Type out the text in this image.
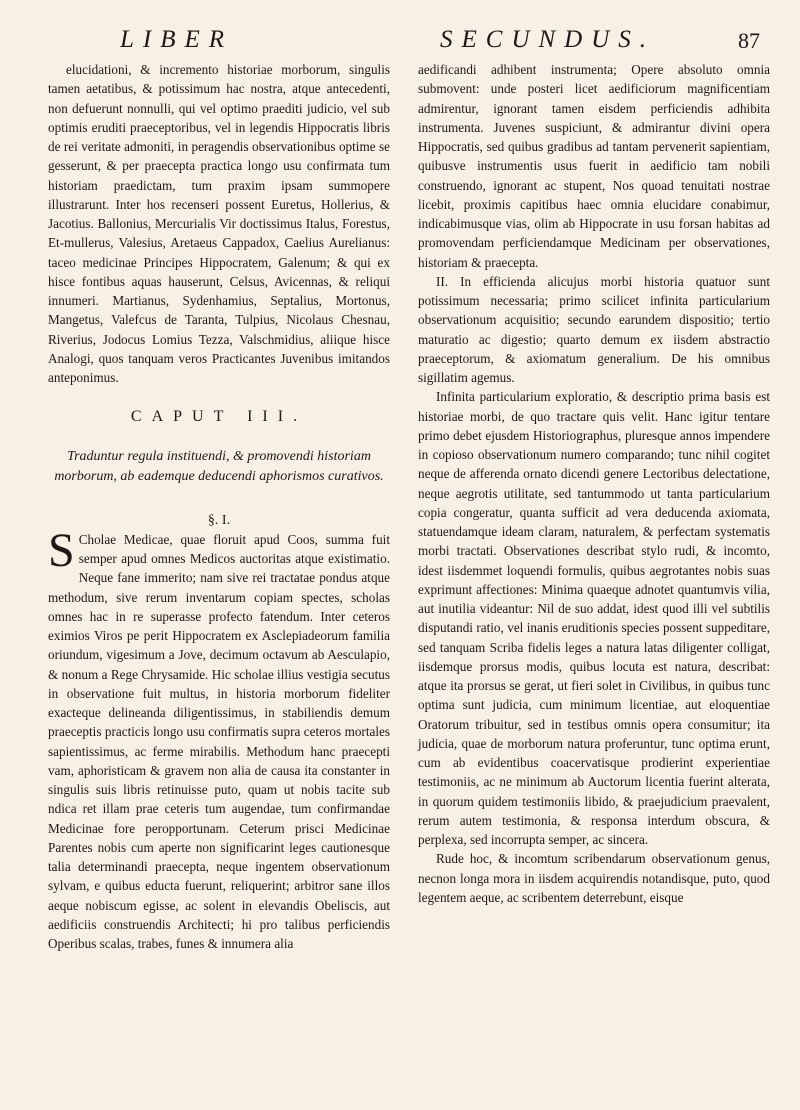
LIBER	SECUNDUS.	87

elucidationi, & incremento historiae morborum, singulis tamen aetatibus, & potissimum hac nostra, atque antecedenti, non defuerunt nonnulli, qui vel optimo praediti judicio, vel sub optimis eruditi praeceptoribus, vel in legendis Hippocratis libris de rei veritate admoniti, in peragendis observationibus optime se gesserunt, & per praecepta practica longo usu confirmata tum historiam praedictam, tum praxim ipsam summopere illustrarunt. Inter hos recenseri possent Euretus, Hollerius, & Jacotius. Ballonius, Mercurialis Vir doctissimus Italus, Forestus, Et-mullerus, Valesius, Aretaeus Cappadox, Caelius Aurelianus: taceo medicinae Principes Hippocratem, Galenum; & qui ex hisce fontibus aquas hauserunt, Celsus, Avicennas, & reliqui innumeri. Martianus, Sydenhamius, Septalius, Mortonus, Mangetus, Valefcus de Taranta, Tulpius, Nicolaus Chesnau, Riverius, Jodocus Lomius Tezza, Valschmidius, aliique hisce Analogi, quos tanquam veros Practicantes Juvenibus imitandos anteponimus.

CAPUT III.
Traduntur regula instituendi, & promovendi historiam morborum, ab eademque deducendi aphorismos curativos.
§. I.

S Cholae Medicae, quae floruit apud Coos, summa fuit semper apud omnes Medicos auctoritas atque existimatio. Neque fane immerito; nam sive rei tractatae pondus atque methodum, sive rerum inventarum copiam spectes, scholas omnes hac in re superasse profecto fatendum. Inter ceteros eximios Viros pe perit Hippocratem ex Asclepiadeorum familia oriundum, vigesimum a Jove, decimum octavum ab Aesculapio, & nonum a Rege Chrysamide. Hic scholae illius vestigia secutus in observatione fuit multus, in historia morborum fideliter exacteque delineanda diligentissimus, in stabiliendis demum praeceptis practicis longo usu confirmatis supra ceteros mortales sapientissimus, ac ferme mirabilis. Methodum hanc praecepti vam, aphoristicam & gravem non alia de causa ita constanter in singulis suis libris retinuisse puto, quam ut nobis tacite sub ndica ret illam prae ceteris tum augendae, tum confirmandae Medicinae fore peropportunam. Ceterum prisci Medicinae Parentes nobis cum aperte non significarint leges cautionesque talia determinandi praecepta, neque ingentem observationum sylvam, e quibus educta fuerunt, reliquerint; arbitror sane illos aeque nobiscum egisse, ac solent in elevandis Obeliscis, aut aedificiis construendis Architecti; hi pro talibus perficiendis Operibus scalas, trabes, funes & innumera alia

aedificandi adhibent instrumenta; Opere absoluto omnia submovent: unde posteri licet aedificiorum magnificentiam admirentur, ignorant tamen eisdem perficiendis adhibita instrumenta. Juvenes suspiciunt, & admirantur divini opera Hippocratis, sed quibus gradibus ad tantam pervenerit sapientiam, quibusve instrumentis usus fuerit in aedificio tam nobili construendo, ignorant ac stupent, Nos quoad tenuitati nostrae licebit, proximis capitibus haec omnia elucidare conabimur, indicabimusque vias, olim ab Hippocrate in usu forsan habitas ad promovendam perficiendamque Medicinam per observationes, historiam & praecepta.

II. In efficienda alicujus morbi historia quatuor sunt potissimum necessaria; primo scilicet infinita particularium observationum acquisitio; secundo earundem dispositio; tertio maturatio ac digestio; quarto demum ex iisdem abstractio praeceptorum, & axiomatum generalium. De his omnibus sigillatim agemus.

Infinita particularium exploratio, & descriptio prima basis est historiae morbi, de quo tractare quis velit. Hanc igitur tentare primo debet ejusdem Historiographus, pluresque annos impendere in copioso observationum numero comparando; tunc nihil cogitet neque de afferenda ornato dicendi genere Lectoribus delectatione, neque aegrotis utilitate, sed tantummodo ut tanta particularium copia congeratur, quanta sufficit ad vera deducenda axiomata, statuendamque ideam claram, naturalem, & perfectam systematis morbi tractati. Observationes describat stylo rudi, & incomto, idest iisdemmet loquendi formulis, quibus aegrotantes nobis suas exprimunt affectiones: Minima quaeque adnotet quantumvis vilia, aut inutilia videantur: Nil de suo addat, idest quod illi vel subtilis disputandi ratio, vel inanis eruditionis species possent suppeditare, sed tanquam Scriba fidelis leges a natura latas diligenter colligat, iisdemque prorsus modis, quibus locuta est natura, describat: atque ita prorsus se gerat, ut fieri solet in Civilibus, in quibus tunc optima sunt judicia, cum minimum licentiae, aut eloquentiae Oratorum tribuitur, sed in testibus omnis opera consumitur; ita judicia, quae de morborum natura proferuntur, tunc optima erunt, cum ab evidentibus coacervatisque prodierint experientiae testimoniis, ac ne minimum ab Auctorum licentia fuerint alterata, in quorum quidem testimoniis libido, & praejudicium praevalent, rerum autem testimonia, & responsa interdum obscura, & perplexa, sed incorrupta semper, ac sincera.

Rude hoc, & incomtum scribendarum observationum genus, necnon longa mora in iisdem acquirendis notandisque, puto, quod legentem aeque, ac scribentem deterrebunt, eisque
